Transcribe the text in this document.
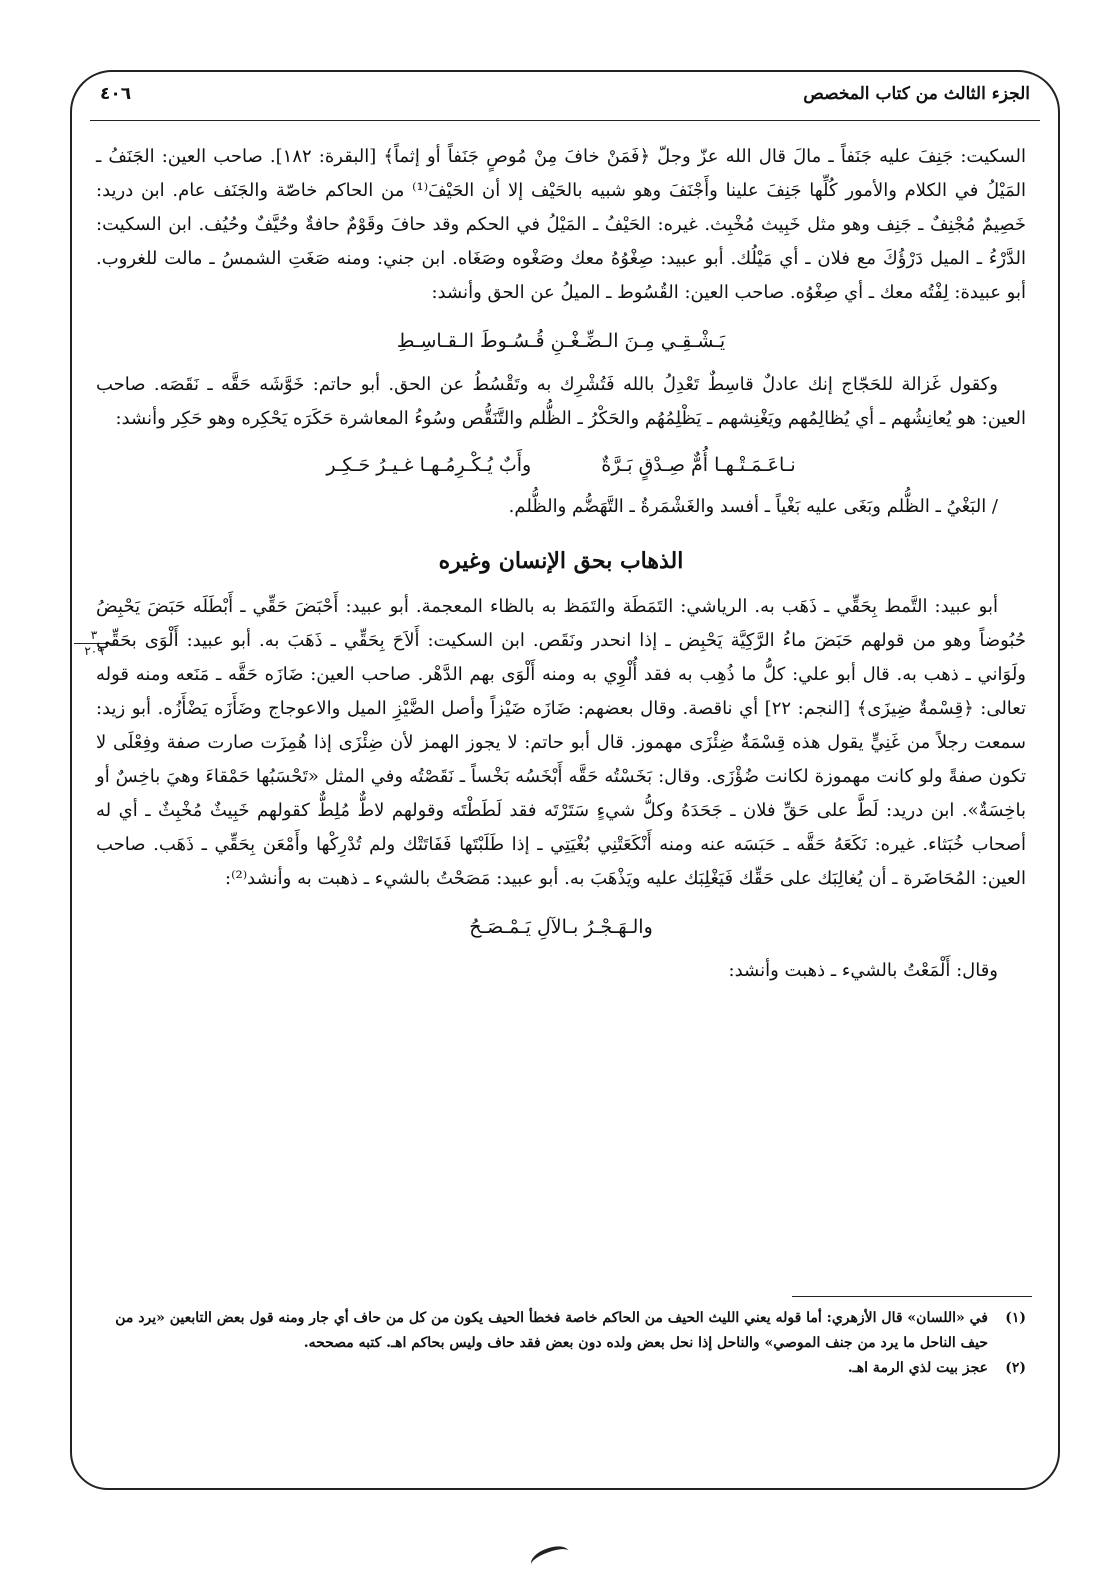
الجزء الثالث من كتاب المخصص
٤٠٦
٣
٢٠٩

السكيت: جَنِفَ عليه جَنَفاً ـ مالَ قال الله عزّ وجلّ ﴿فَمَنْ خافَ مِنْ مُوصٍ جَنَفاً أو إثماً﴾ [البقرة: ١٨٢]. صاحب العين: الجَنَفُ ـ المَيْلُ في الكلام والأمور كُلِّها جَنِفَ علينا وأَجْنَفَ وهو شبيه بالحَيْف إلا أن الحَيْفَ⁽¹⁾ من الحاكم خاصّة والجَنَف عام. ابن دريد: خَصِيمٌ مُجْنِفٌ ـ جَنِف وهو مثل خَبِيث مُخْبِث. غيره: الحَيْفُ ـ المَيْلُ في الحكم وقد حافَ وقَوْمٌ حافةٌ وحُيَّفٌ وحُيُف. ابن السكيت: الدَّرْءُ ـ الميل دَرْؤُكَ مع فلان ـ أي مَيْلُك. أبو عبيد: صِغْوُهُ معك وصَغْوه وصَغَاه. ابن جني: ومنه صَغَتِ الشمسُ ـ مالت للغروب. أبو عبيدة: لِفْتُه معك ـ أي صِغْوُه. صاحب العين: القُسُوط ـ الميلُ عن الحق وأنشد:

يَـشْـقِـي مِـنَ الـضِّـغْـنِ قُـسُـوطَ الـقـاسِـطِ

وكقول غَزالة للحَجّاج إنك عادلٌ قاسِطٌ تَعْدِلُ بالله فَتُشْرِك به وتَقْسُطُ عن الحق. أبو حاتم: خَوَّشَه حَقَّه ـ نَقَصَه. صاحب العين: هو يُعانِشُهم ـ أي يُظالِمُهم ويَغْنِشهم ـ يَظْلِمُهُم والحَكْرُ ـ الظُّلم والتَّنَقُّص وسُوءُ المعاشرة حَكَرَه يَحْكِره وهو حَكِر وأنشد:

نـاعَـمَـتْـهـا أُمٌّ صِـدْقٍ بَـرَّةٌ
وأَبٌ يُـكْـرِمُـهـا غـيـرُ حَـكِـر

/ البَغْيُ ـ الظُّلم وبَغَى عليه بَغْياً ـ أفسد والغَشْمَرةُ ـ التَّهَضُّم والظُّلم.

الذهاب بحق الإنسان وغيره

أبو عبيد: التَّمط بِحَقِّي ـ ذَهَب به. الرياشي: التَمَطَة والتَمَظ به بالظاء المعجمة. أبو عبيد: أَحْبَضَ حَقِّي ـ أَبْطَلَه حَبَضَ يَحْبِضُ حُبُوضاً وهو من قولهم حَبَضَ ماءُ الرَّكِيَّة يَحْبِض ـ إذا انحدر ونَقَص. ابن السكيت: أَلاَحَ بِحَقِّي ـ ذَهَبَ به. أبو عبيد: أَلْوَى بحَقِّي ولَوَاني ـ ذهب به. قال أبو علي: كلُّ ما ذُهِب به فقد أُلْوِي به ومنه أَلْوَى بهم الدَّهْر. صاحب العين: ضَازَه حَقَّه ـ مَنَعه ومنه قوله تعالى: ﴿قِسْمةٌ ضِيزَى﴾ [النجم: ٢٢] أي ناقصة. وقال بعضهم: ضَازَه ضَيْزاً وأصل الضَّيْزِ الميل والاعوجاج وضَأَزَه يَضْأَزُه. أبو زيد: سمعت رجلاً من غَنِيٍّ يقول هذه قِسْمَةٌ ضِئْزَى مهموز. قال أبو حاتم: لا يجوز الهمز لأن ضِئْزَى إذا هُمِزَت صارت صفة وفِعْلَى لا تكون صفةً ولو كانت مهموزة لكانت ضُؤْزَى. وقال: بَخَسْتُه حَقَّه أَبْخَسُه بَخْساً ـ نَقَصْتُه وفي المثل «تَحْسَبُها حَمْقاءَ وهيَ باخِسٌ أو باخِسَةٌ». ابن دريد: لَطَّ على حَقِّ فلان ـ جَحَدَهُ وكلُّ شيءٍ سَتَرْتَه فقد لَطَطْتَه وقولهم لاطٌّ مُلِطٌّ كقولهم خَبِيثٌ مُخْبِثٌ ـ أي له أصحاب خُبَثاء. غيره: نَكَعَهُ حَقَّه ـ حَبَسَه عنه ومنه أَنْكَعَتْنِي بُغْيَتِي ـ إذا طَلَبْتَها فَفَاتَتْك ولم تُدْرِكْها وأَمْعَن بِحَقِّي ـ ذَهَب. صاحب العين: المُحَاضَرة ـ أن يُغالِبَك على حَقِّك فَيَغْلِبَك عليه ويَذْهَبَ به. أبو عبيد: مَصَحْتُ بالشيء ـ ذهبت به وأنشد⁽²⁾:

والـهَـجْـرُ بـالآلِ يَـمْـصَـحُ

وقال: أَلْمَعْتُ بالشيء ـ ذهبت وأنشد:

(١)
في «اللسان» قال الأزهري: أما قوله يعني الليث الحيف من الحاكم خاصة فخطأ الحيف يكون من كل من حاف أي جار ومنه قول بعض التابعين «يرد من حيف الناحل ما يرد من جنف الموصي» والناحل إذا نحل بعض ولده دون بعض فقد حاف وليس بحاكم اهـ. كتبه مصححه.
(٢)
عجز بيت لذي الرمة اهـ.
